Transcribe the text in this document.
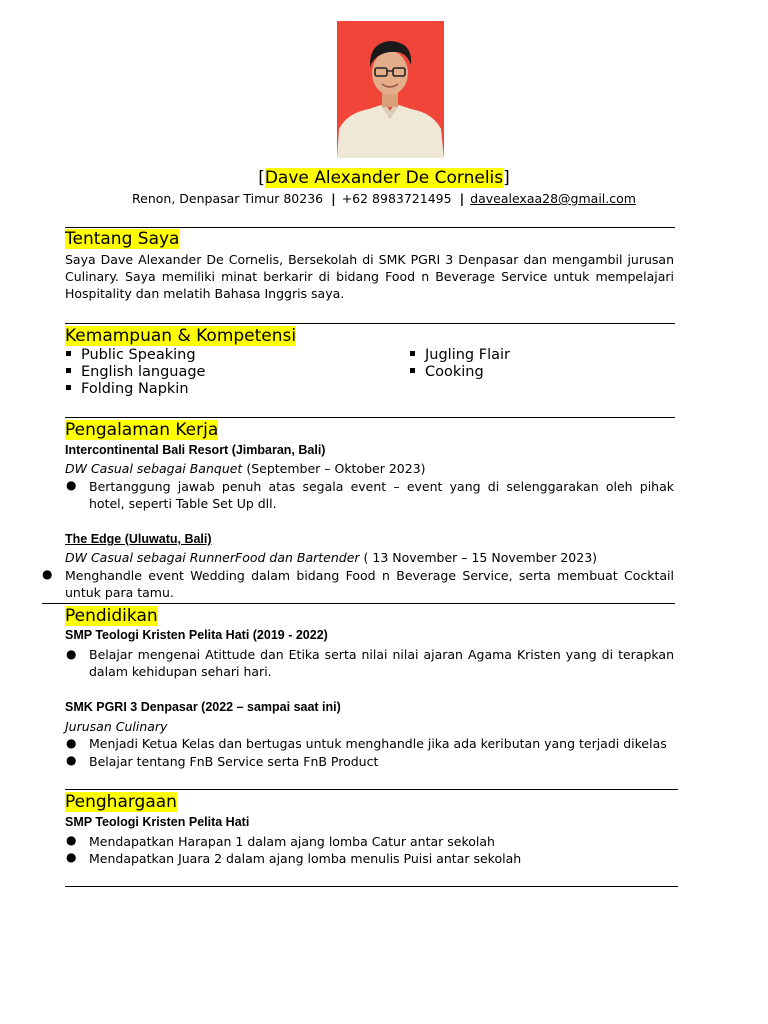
[Dave Alexander De Cornelis]
Renon, Denpasar Timur 80236 | +62 8983721495 | davealexaa28@gmail.com
Tentang Saya
Saya Dave Alexander De Cornelis, Bersekolah di SMK PGRI 3 Denpasar dan mengambil jurusan Culinary. Saya memiliki minat berkarir di bidang Food n Beverage Service untuk mempelajari Hospitality dan melatih Bahasa Inggris saya.
Kemampuan & Kompetensi
Public Speaking
English language
Folding Napkin
Jugling Flair
Cooking
Pengalaman Kerja
Intercontinental Bali Resort (Jimbaran, Bali)
DW Casual sebagai Banquet (September – Oktober 2023)
● Bertanggung jawab penuh atas segala event – event yang di selenggarakan oleh pihak hotel, seperti Table Set Up dll.
The Edge (Uluwatu, Bali)
DW Casual sebagai RunnerFood dan Bartender ( 13 November – 15 November 2023)
● Menghandle event Wedding dalam bidang Food n Beverage Service, serta membuat Cocktail untuk para tamu.
Pendidikan
SMP Teologi Kristen Pelita Hati (2019 - 2022)
● Belajar mengenai Atittude dan Etika serta nilai nilai ajaran Agama Kristen yang di terapkan dalam kehidupan sehari hari.
SMK PGRI 3 Denpasar (2022 – sampai saat ini)
Jurusan Culinary
● Menjadi Ketua Kelas dan bertugas untuk menghandle jika ada keributan yang terjadi dikelas
● Belajar tentang FnB Service serta FnB Product
Penghargaan
SMP Teologi Kristen Pelita Hati
● Mendapatkan Harapan 1 dalam ajang lomba Catur antar sekolah
● Mendapatkan Juara 2 dalam ajang lomba menulis Puisi antar sekolah
